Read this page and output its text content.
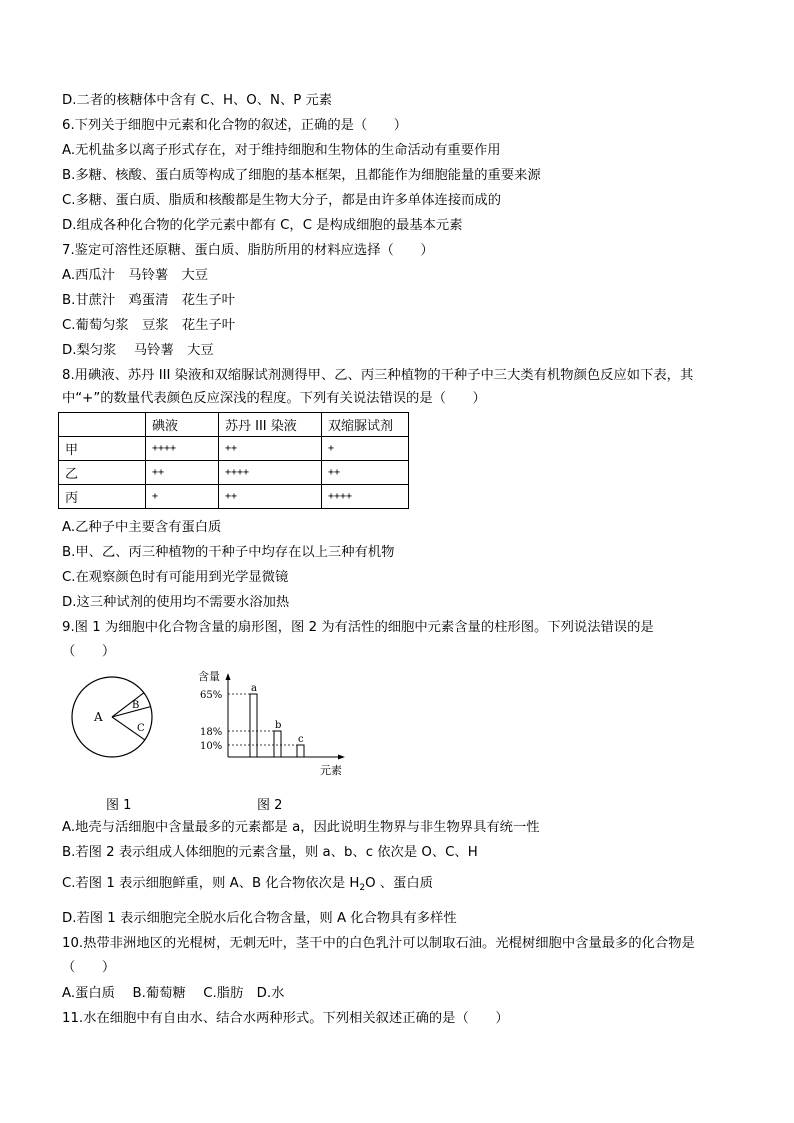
D.二者的核糖体中含有 C、H、O、N、P 元素
6.下列关于细胞中元素和化合物的叙述，正确的是（　　）
A.无机盐多以离子形式存在，对于维持细胞和生物体的生命活动有重要作用
B.多糖、核酸、蛋白质等构成了细胞的基本框架，且都能作为细胞能量的重要来源
C.多糖、蛋白质、脂质和核酸都是生物大分子，都是由许多单体连接而成的
D.组成各种化合物的化学元素中都有 C，C 是构成细胞的最基本元素
7.鉴定可溶性还原糖、蛋白质、脂肪所用的材料应选择（　　）
A.西瓜汁　马铃薯　大豆
B.甘蔗汁　鸡蛋清　花生子叶
C.葡萄匀浆　豆浆　花生子叶
D.梨匀浆　 马铃薯　大豆
8.用碘液、苏丹 III 染液和双缩脲试剂测得甲、乙、丙三种植物的干种子中三大类有机物颜色反应如下表，其
中“+”的数量代表颜色反应深浅的程度。下列有关说法错误的是（　　）
	碘液	苏丹 III 染液	双缩脲试剂
甲	++++	++	+
乙	++	++++	++
丙	+	++	++++
A.乙种子中主要含有蛋白质
B.甲、乙、丙三种植物的干种子中均存在以上三种有机物
C.在观察颜色时有可能用到光学显微镜
D.这三种试剂的使用均不需要水浴加热
9.图 1 为细胞中化合物含量的扇形图，图 2 为有活性的细胞中元素含量的柱形图。下列说法错误的是
（　　）
A
B
C
含量
元素
a
65%
b
18%
c
10%
图 1	图 2
A.地壳与活细胞中含量最多的元素都是 a，因此说明生物界与非生物界具有统一性
B.若图 2 表示组成人体细胞的元素含量，则 a、b、c 依次是 O、C、H
C.若图 1 表示细胞鲜重，则 A、B 化合物依次是 $H_2O$ 、蛋白质
D.若图 1 表示细胞完全脱水后化合物含量，则 A 化合物具有多样性
10.热带非洲地区的光棍树，无刺无叶，茎干中的白色乳汁可以制取石油。光棍树细胞中含量最多的化合物是
（　　）
A.蛋白质　 B.葡萄糖　 C.脂肪　D.水
11.水在细胞中有自由水、结合水两种形式。下列相关叙述正确的是（　　）
